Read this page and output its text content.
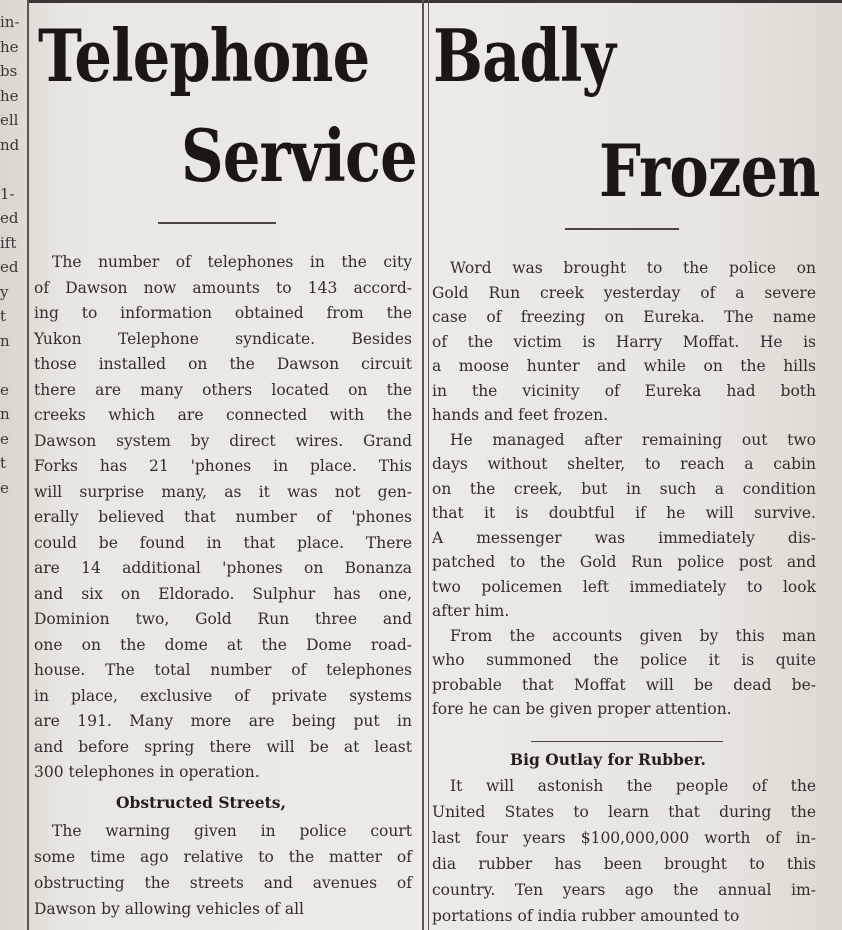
in-
he
bs
he
ell
nd

1-
ed
ift
ed
y
t
n

e
n
e
t
e

Telephone
Service
Badly
Frozen

The number of telephones in the city
of Dawson now amounts to 143 accord-
ing to information obtained from the
Yukon Telephone syndicate. Besides
those installed on the Dawson circuit
there are many others located on the
creeks which are connected with the
Dawson system by direct wires. Grand
Forks has 21 'phones in place. This
will surprise many, as it was not gen-
erally believed that number of 'phones
could be found in that place. There
are 14 additional 'phones on Bonanza
and six on Eldorado. Sulphur has one,
Dominion two, Gold Run three and
one on the dome at the Dome road-
house. The total number of telephones
in place, exclusive of private systems
are 191. Many more are being put in
and before spring there will be at least
300 telephones in operation.

Obstructed Streets,

The warning given in police court
some time ago relative to the matter of
obstructing the streets and avenues of
Dawson by allowing vehicles of all

Word was brought to the police on
Gold Run creek yesterday of a severe
case of freezing on Eureka. The name
of the victim is Harry Moffat. He is
a moose hunter and while on the hills
in the vicinity of Eureka had both
hands and feet frozen.
He managed after remaining out two
days without shelter, to reach a cabin
on the creek, but in such a condition
that it is doubtful if he will survive.
A messenger was immediately dis-
patched to the Gold Run police post and
two policemen left immediately to look
after him.
From the accounts given by this man
who summoned the police it is quite
probable that Moffat will be dead be-
fore he can be given proper attention.

Big Outlay for Rubber.

It will astonish the people of the
United States to learn that during the
last four years $100,000,000 worth of in-
dia rubber has been brought to this
country. Ten years ago the annual im-
portations of india rubber amounted to
